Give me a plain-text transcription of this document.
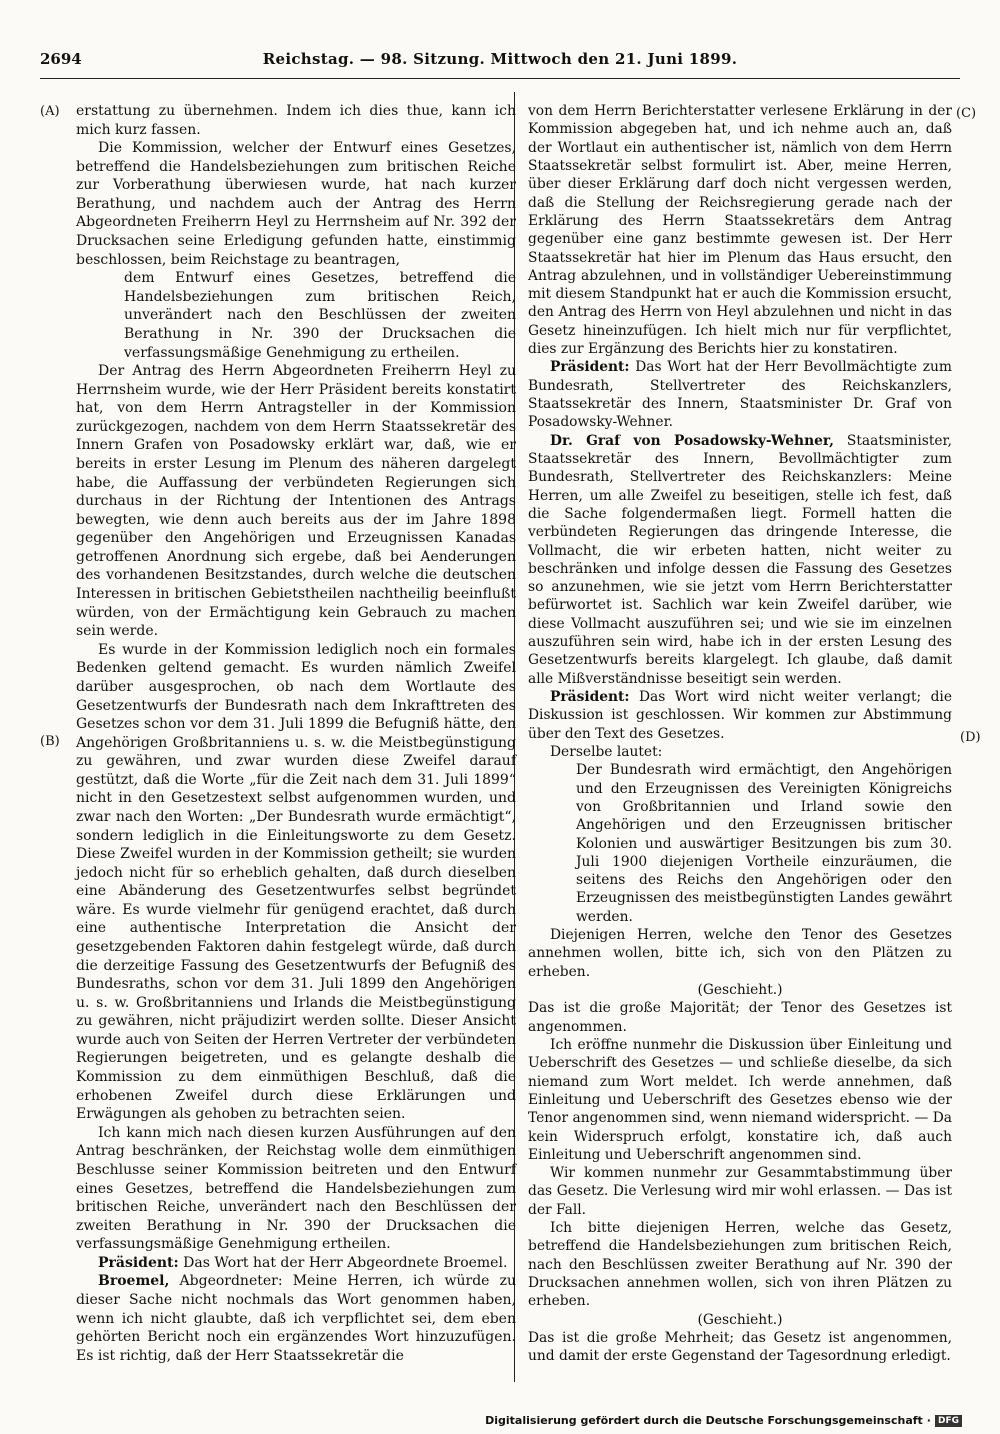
2694	Reichstag. — 98. Sitzung. Mittwoch den 21. Juni 1899.
(A)
(B)
(C)
(D)

erstattung zu übernehmen. Indem ich dies thue, kann ich mich kurz fassen.

Die Kommission, welcher der Entwurf eines Gesetzes, betreffend die Handelsbeziehungen zum britischen Reiche zur Vorberathung überwiesen wurde, hat nach kurzer Berathung, und nachdem auch der Antrag des Herrn Abgeordneten Freiherrn Heyl zu Herrnsheim auf Nr. 392 der Drucksachen seine Erledigung gefunden hatte, einstimmig beschlossen, beim Reichstage zu beantragen,

dem Entwurf eines Gesetzes, betreffend die Handelsbeziehungen zum britischen Reich, unverändert nach den Beschlüssen der zweiten Berathung in Nr. 390 der Drucksachen die verfassungsmäßige Genehmigung zu ertheilen.

Der Antrag des Herrn Abgeordneten Freiherrn Heyl zu Herrnsheim wurde, wie der Herr Präsident bereits konstatirt hat, von dem Herrn Antragsteller in der Kommission zurückgezogen, nachdem von dem Herrn Staatssekretär des Innern Grafen von Posadowsky erklärt war, daß, wie er bereits in erster Lesung im Plenum des näheren dargelegt habe, die Auffassung der verbündeten Regierungen sich durchaus in der Richtung der Intentionen des Antrags bewegten, wie denn auch bereits aus der im Jahre 1898 gegenüber den Angehörigen und Erzeugnissen Kanadas getroffenen Anordnung sich ergebe, daß bei Aenderungen des vorhandenen Besitzstandes, durch welche die deutschen Interessen in britischen Gebietstheilen nachtheilig beeinflußt würden, von der Ermächtigung kein Gebrauch zu machen sein werde.

Es wurde in der Kommission lediglich noch ein formales Bedenken geltend gemacht. Es wurden nämlich Zweifel darüber ausgesprochen, ob nach dem Wortlaute des Gesetzentwurfs der Bundesrath nach dem Inkrafttreten des Gesetzes schon vor dem 31. Juli 1899 die Befugniß hätte, den Angehörigen Großbritanniens u. s. w. die Meistbegünstigung zu gewähren, und zwar wurden diese Zweifel darauf gestützt, daß die Worte „für die Zeit nach dem 31. Juli 1899“ nicht in den Gesetzestext selbst aufgenommen wurden, und zwar nach den Worten: „Der Bundesrath wurde ermächtigt“, sondern lediglich in die Einleitungsworte zu dem Gesetz. Diese Zweifel wurden in der Kommission getheilt; sie wurden jedoch nicht für so erheblich gehalten, daß durch dieselben eine Abänderung des Gesetzentwurfes selbst begründet wäre. Es wurde vielmehr für genügend erachtet, daß durch eine authentische Interpretation die Ansicht der gesetzgebenden Faktoren dahin festgelegt würde, daß durch die derzeitige Fassung des Gesetzentwurfs der Befugniß des Bundesraths, schon vor dem 31. Juli 1899 den Angehörigen u. s. w. Großbritanniens und Irlands die Meistbegünstigung zu gewähren, nicht präjudizirt werden sollte. Dieser Ansicht wurde auch von Seiten der Herren Vertreter der verbündeten Regierungen beigetreten, und es gelangte deshalb die Kommission zu dem einmüthigen Beschluß, daß die erhobenen Zweifel durch diese Erklärungen und Erwägungen als gehoben zu betrachten seien.

Ich kann mich nach diesen kurzen Ausführungen auf den Antrag beschränken, der Reichstag wolle dem einmüthigen Beschlusse seiner Kommission beitreten und den Entwurf eines Gesetzes, betreffend die Handelsbeziehungen zum britischen Reiche, unverändert nach den Beschlüssen der zweiten Berathung in Nr. 390 der Drucksachen die verfassungsmäßige Genehmigung ertheilen.

Präsident: Das Wort hat der Herr Abgeordnete Broemel.

Broemel, Abgeordneter: Meine Herren, ich würde zu dieser Sache nicht nochmals das Wort genommen haben, wenn ich nicht glaubte, daß ich verpflichtet sei, dem eben gehörten Bericht noch ein ergänzendes Wort hinzuzufügen. Es ist richtig, daß der Herr Staatssekretär die

von dem Herrn Berichterstatter verlesene Erklärung in der Kommission abgegeben hat, und ich nehme auch an, daß der Wortlaut ein authentischer ist, nämlich von dem Herrn Staatssekretär selbst formulirt ist. Aber, meine Herren, über dieser Erklärung darf doch nicht vergessen werden, daß die Stellung der Reichsregierung gerade nach der Erklärung des Herrn Staatssekretärs dem Antrag gegenüber eine ganz bestimmte gewesen ist. Der Herr Staatssekretär hat hier im Plenum das Haus ersucht, den Antrag abzulehnen, und in vollständiger Uebereinstimmung mit diesem Standpunkt hat er auch die Kommission ersucht, den Antrag des Herrn von Heyl abzulehnen und nicht in das Gesetz hineinzufügen. Ich hielt mich nur für verpflichtet, dies zur Ergänzung des Berichts hier zu konstatiren.

Präsident: Das Wort hat der Herr Bevollmächtigte zum Bundesrath, Stellvertreter des Reichskanzlers, Staatssekretär des Innern, Staatsminister Dr. Graf von Posadowsky-Wehner.

Dr. Graf von Posadowsky-Wehner, Staatsminister, Staatssekretär des Innern, Bevollmächtigter zum Bundesrath, Stellvertreter des Reichskanzlers: Meine Herren, um alle Zweifel zu beseitigen, stelle ich fest, daß die Sache folgendermaßen liegt. Formell hatten die verbündeten Regierungen das dringende Interesse, die Vollmacht, die wir erbeten hatten, nicht weiter zu beschränken und infolge dessen die Fassung des Gesetzes so anzunehmen, wie sie jetzt vom Herrn Berichterstatter befürwortet ist. Sachlich war kein Zweifel darüber, wie diese Vollmacht auszuführen sei; und wie sie im einzelnen auszuführen sein wird, habe ich in der ersten Lesung des Gesetzentwurfs bereits klargelegt. Ich glaube, daß damit alle Mißverständnisse beseitigt sein werden.

Präsident: Das Wort wird nicht weiter verlangt; die Diskussion ist geschlossen. Wir kommen zur Abstimmung über den Text des Gesetzes.

Derselbe lautet:

Der Bundesrath wird ermächtigt, den Angehörigen und den Erzeugnissen des Vereinigten Königreichs von Großbritannien und Irland sowie den Angehörigen und den Erzeugnissen britischer Kolonien und auswärtiger Besitzungen bis zum 30. Juli 1900 diejenigen Vortheile einzuräumen, die seitens des Reichs den Angehörigen oder den Erzeugnissen des meistbegünstigten Landes gewährt werden.

Diejenigen Herren, welche den Tenor des Gesetzes annehmen wollen, bitte ich, sich von den Plätzen zu erheben.

(Geschieht.)

Das ist die große Majorität; der Tenor des Gesetzes ist angenommen.

Ich eröffne nunmehr die Diskussion über Einleitung und Ueberschrift des Gesetzes — und schließe dieselbe, da sich niemand zum Wort meldet. Ich werde annehmen, daß Einleitung und Ueberschrift des Gesetzes ebenso wie der Tenor angenommen sind, wenn niemand widerspricht. — Da kein Widerspruch erfolgt, konstatire ich, daß auch Einleitung und Ueberschrift angenommen sind.

Wir kommen nunmehr zur Gesammtabstimmung über das Gesetz. Die Verlesung wird mir wohl erlassen. — Das ist der Fall.

Ich bitte diejenigen Herren, welche das Gesetz, betreffend die Handelsbeziehungen zum britischen Reich, nach den Beschlüssen zweiter Berathung auf Nr. 390 der Drucksachen annehmen wollen, sich von ihren Plätzen zu erheben.

(Geschieht.)

Das ist die große Mehrheit; das Gesetz ist angenommen, und damit der erste Gegenstand der Tagesordnung erledigt.

Digitalisierung gefördert durch die Deutsche Forschungsgemeinschaft · DFG
